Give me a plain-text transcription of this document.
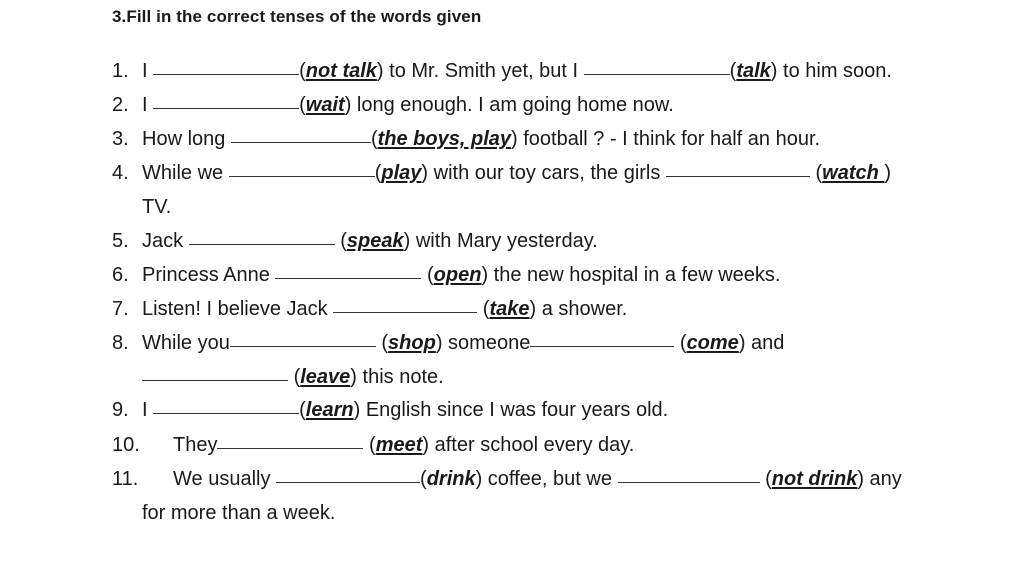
3.Fill in the correct tenses of the words given
1. I	(not talk) to Mr. Smith yet, but I	(talk) to him soon.
2. I	(wait) long enough. I am going home now.
3. How long	(the boys, play) football ? - I think for half an hour.
4. While we	(play) with our toy cars, the girls	(watch )
TV.
5. Jack	(speak) with Mary yesterday.
6. Princess Anne	(open) the new hospital in a few weeks.
7. Listen! I believe Jack	(take) a shower.
8. While you	(shop) someone	(come) and
(leave) this note.
9. I	(learn) English since I was four years old.
10. They	(meet) after school every day.
11. We usually	(drink) coffee, but we	(not drink) any
for more than a week.
